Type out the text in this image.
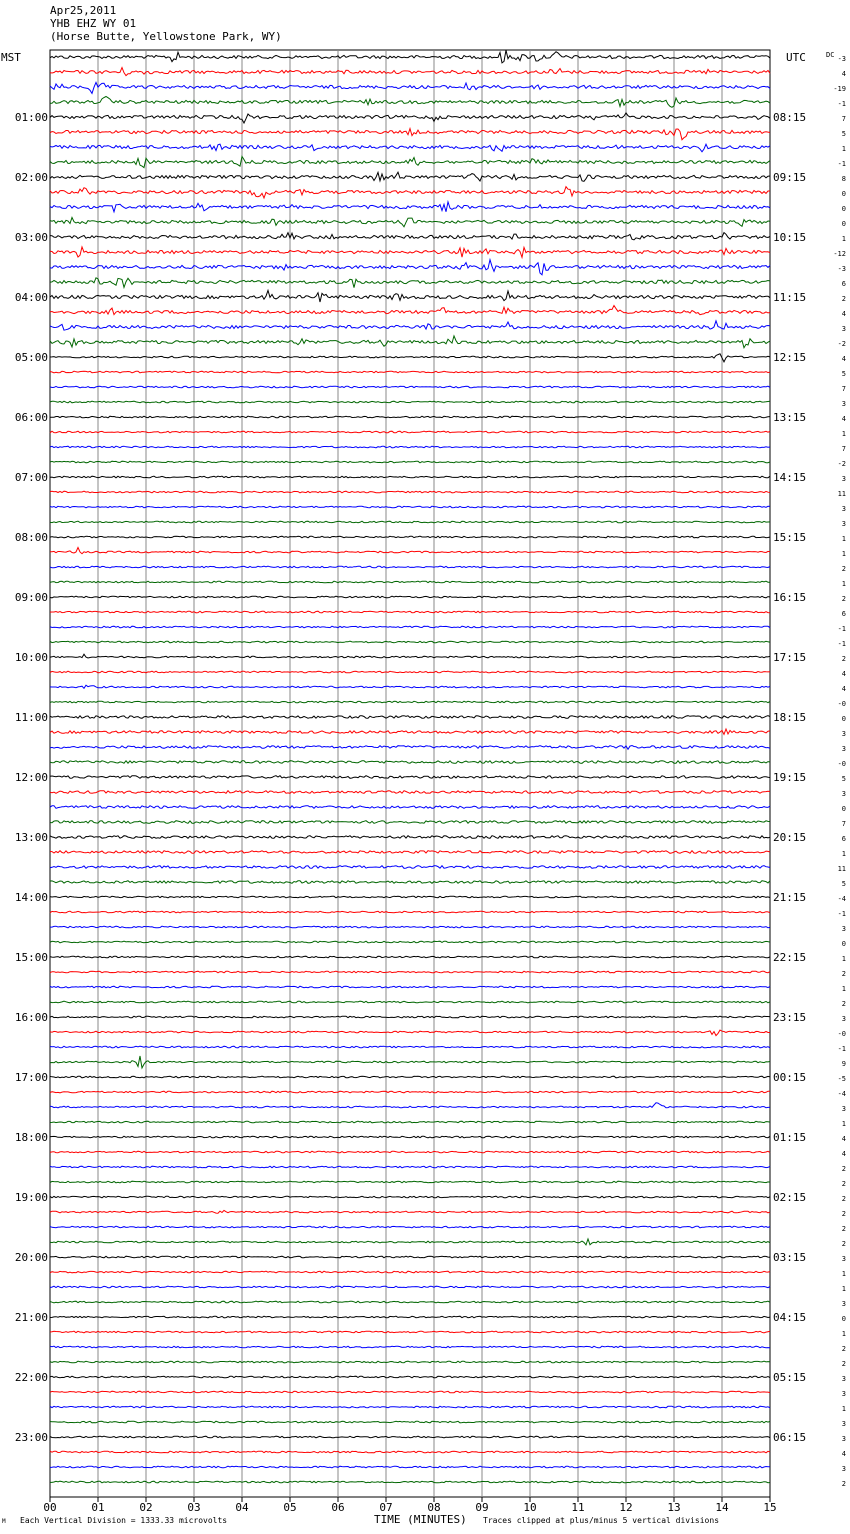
Apr25,2011
YHB EHZ WY 01
(Horse Butte, Yellowstone Park, WY)
MST	UTC
M Each Vertical Division = 1333.33 microvolts	TIME (MINUTES) Traces clipped at plus/minus 5 vertical divisions
00	01	02	03	04	05	06	07	08	09	10	11	12	13	14	15
-3
4
-19
-1
7
5
1
-1
8
0
0
0
1
-12
-3
6
2
4
3
-2
4
5
7
3
4
1
7
-2
3
11
3
3
1
1
2
1
2
6
-1
-1
2
4
4
-0
0
3
3
-0
5
3
0
7
6
1
11
5
-4
-1
3
0
1
2
1
2
3
-0
-1
9
-5
-4
3
1
4
4
2
2
2
2
2
2
3
1
1
3
0
1
2
2
3
3
1
3
3
4
3
2
DC
01:00
02:00
03:00
04:00
05:00
06:00
07:00
08:00
09:00
10:00
11:00
12:00
13:00
14:00
15:00
16:00
17:00
18:00
19:00
20:00
21:00
22:00
23:00
08:15
09:15
10:15
11:15
12:15
13:15
14:15
15:15
16:15
17:15
18:15
19:15
20:15
21:15
22:15
23:15
00:15
01:15
02:15
03:15
04:15
05:15
06:15
